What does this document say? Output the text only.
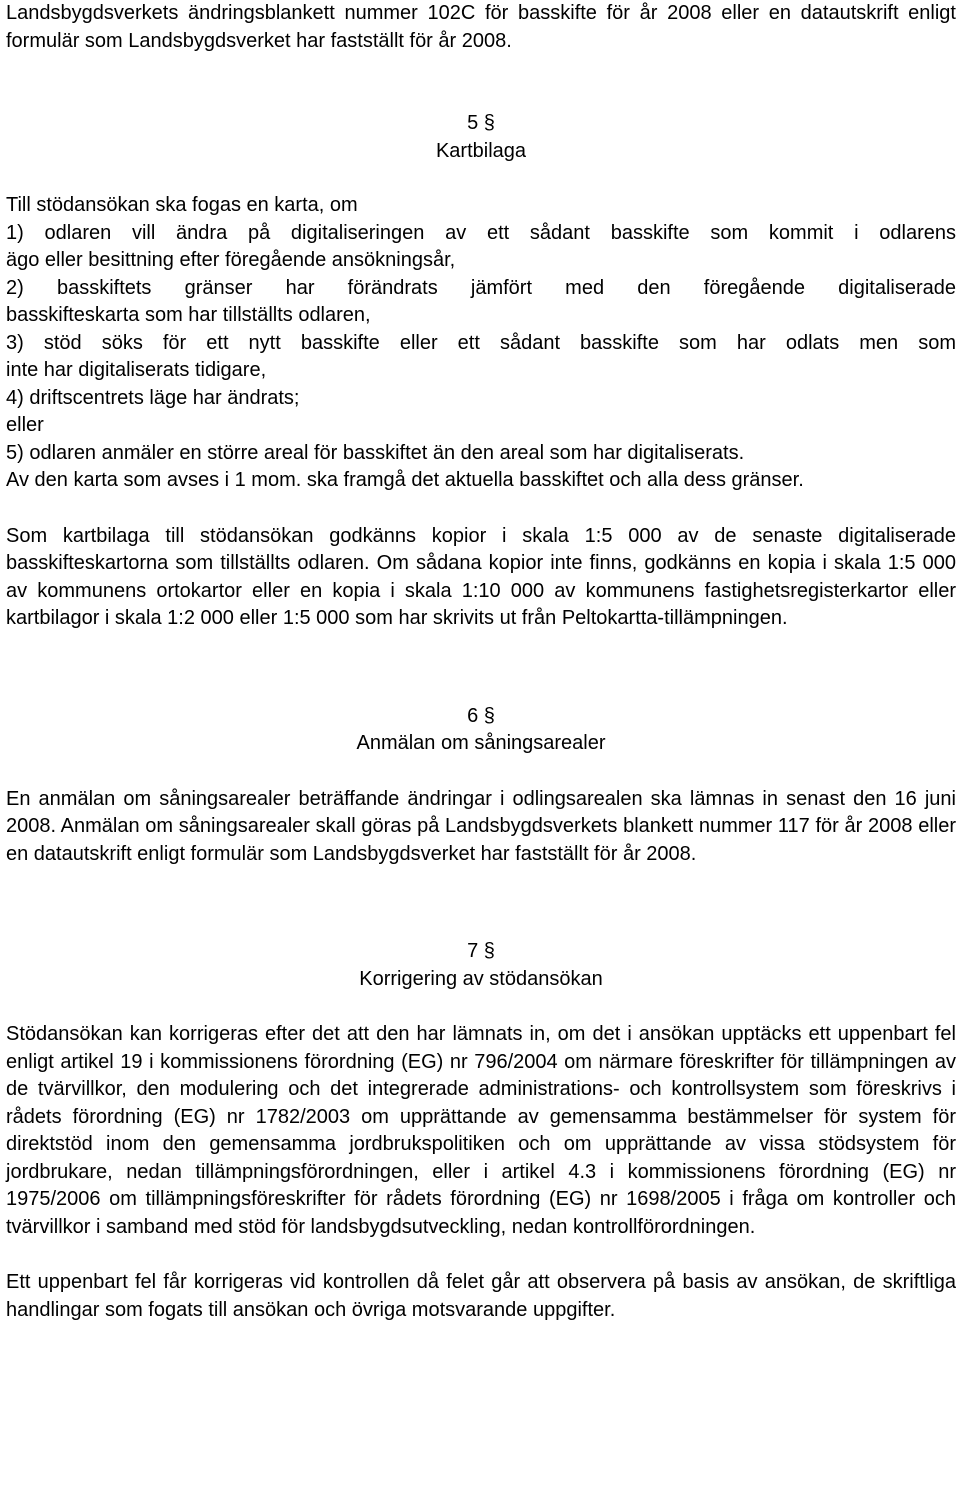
Landsbygdsverkets ändringsblankett nummer 102C för basskifte för år 2008 eller en datautskrift enligt formulär som Landsbygdsverket har fastställt för år 2008.

5 §

Kartbilaga

Till stödansökan ska fogas en karta, om

1) odlaren vill ändra på digitaliseringen av ett sådant basskifte som kommit i odlarens

ägo eller besittning efter föregående ansökningsår,

2) basskiftets gränser har förändrats jämfört med den föregående digitaliserade

basskifteskarta som har tillställts odlaren,

3) stöd söks för ett nytt basskifte eller ett sådant basskifte som har odlats men som

inte har digitaliserats tidigare,

4) driftscentrets läge har ändrats;

eller

5) odlaren anmäler en större areal för basskiftet än den areal som har digitaliserats.

Av den karta som avses i 1 mom. ska framgå det aktuella basskiftet och alla dess gränser.

Som kartbilaga till stödansökan godkänns kopior i skala 1:5 000 av de senaste digitaliserade basskifteskartorna som tillställts odlaren. Om sådana kopior inte finns, godkänns en kopia i skala 1:5 000 av kommunens ortokartor eller en kopia i skala 1:10 000 av kommunens fastighetsregisterkartor eller kartbilagor i skala 1:2 000 eller 1:5 000 som har skrivits ut från Peltokartta-tillämpningen.

6 §

Anmälan om såningsarealer

En anmälan om såningsarealer beträffande ändringar i odlingsarealen ska lämnas in senast den 16 juni 2008. Anmälan om såningsarealer skall göras på Landsbygdsverkets blankett nummer 117 för år 2008 eller en datautskrift enligt formulär som Landsbygdsverket har fastställt för år 2008.

7 §

Korrigering av stödansökan

Stödansökan kan korrigeras efter det att den har lämnats in, om det i ansökan upptäcks ett uppenbart fel enligt artikel 19 i kommissionens förordning (EG) nr 796/2004 om närmare föreskrifter för tillämpningen av de tvärvillkor, den modulering och det integrerade administrations- och kontrollsystem som föreskrivs i rådets förordning (EG) nr 1782/2003 om upprättande av gemensamma bestämmelser för system för direktstöd inom den gemensamma jordbrukspolitiken och om upprättande av vissa stödsystem för jordbrukare, nedan tillämpningsförordningen, eller i artikel 4.3 i kommissionens förordning (EG) nr 1975/2006 om tillämpningsföreskrifter för rådets förordning (EG) nr 1698/2005 i fråga om kontroller och tvärvillkor i samband med stöd för landsbygdsutveckling, nedan kontrollförordningen.

Ett uppenbart fel får korrigeras vid kontrollen då felet går att observera på basis av ansökan, de skriftliga handlingar som fogats till ansökan och övriga motsvarande uppgifter.
